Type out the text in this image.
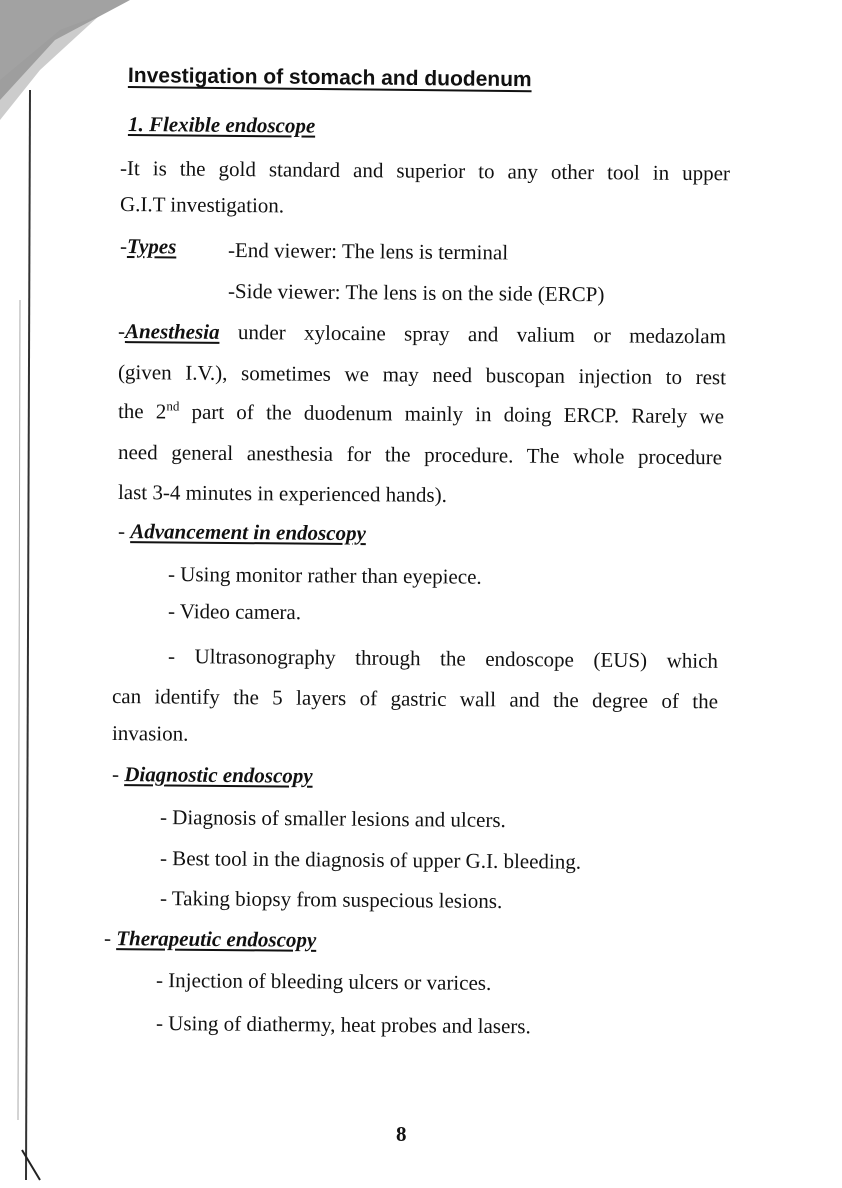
Investigation of stomach and duodenum
1. Flexible endoscope
-It is the gold standard and superior to any other tool in upper
G.I.T investigation.
-Types -End viewer: The lens is terminal
-Side viewer: The lens is on the side (ERCP)
-Anesthesia under xylocaine spray and valium or medazolam
(given I.V.), sometimes we may need buscopan injection to rest
the 2nd part of the duodenum mainly in doing ERCP. Rarely we
need general anesthesia for the procedure. The whole procedure
last 3-4 minutes in experienced hands).
- Advancement in endoscopy
- Using monitor rather than eyepiece.
- Video camera.
- Ultrasonography through the endoscope (EUS) which
can identify the 5 layers of gastric wall and the degree of the
invasion.
- Diagnostic endoscopy
- Diagnosis of smaller lesions and ulcers.
- Best tool in the diagnosis of upper G.I. bleeding.
- Taking biopsy from suspecious lesions.
- Therapeutic endoscopy
- Injection of bleeding ulcers or varices.
- Using of diathermy, heat probes and lasers.
8
